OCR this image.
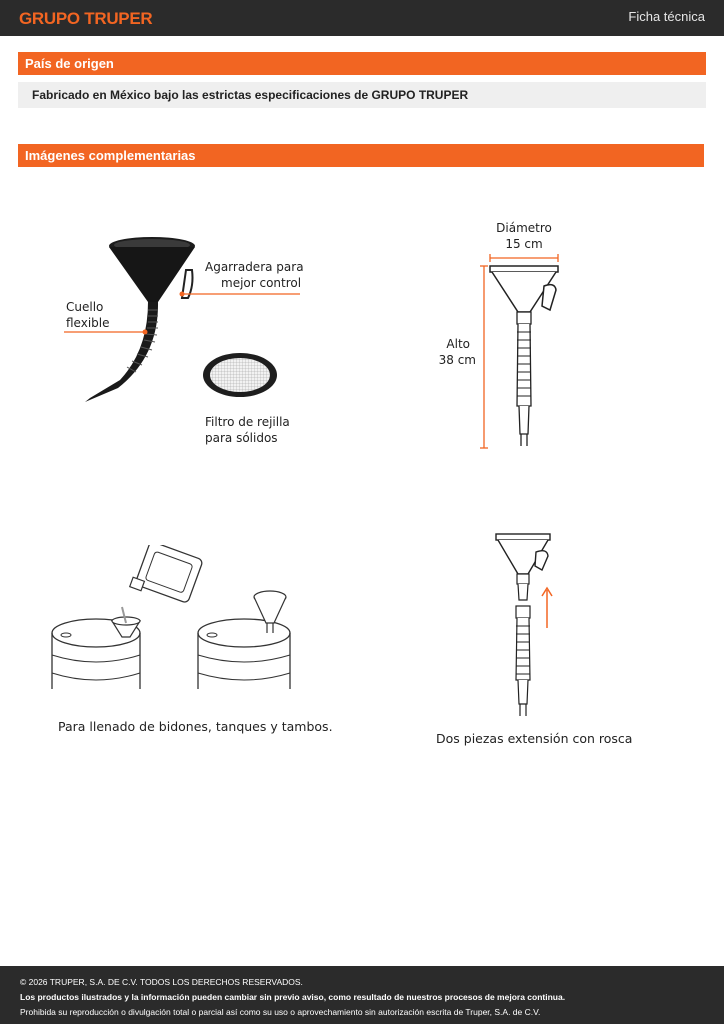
GRUPO TRUPER	Ficha técnica
País de origen
Fabricado en México bajo las estrictas especificaciones de GRUPO TRUPER
Imágenes complementarias
Agarradera para
mejor control
Cuello
flexible
Filtro de rejilla
para sólidos
Diámetro
15 cm
Alto
38 cm
Para llenado de bidones, tanques y tambos.
Dos piezas extensión con rosca
© 2026 TRUPER, S.A. DE C.V. TODOS LOS DERECHOS RESERVADOS.
Los productos ilustrados y la información pueden cambiar sin previo aviso, como resultado de nuestros procesos de mejora continua.
Prohibida su reproducción o divulgación total o parcial así como su uso o aprovechamiento sin autorización escrita de Truper, S.A. de C.V.
